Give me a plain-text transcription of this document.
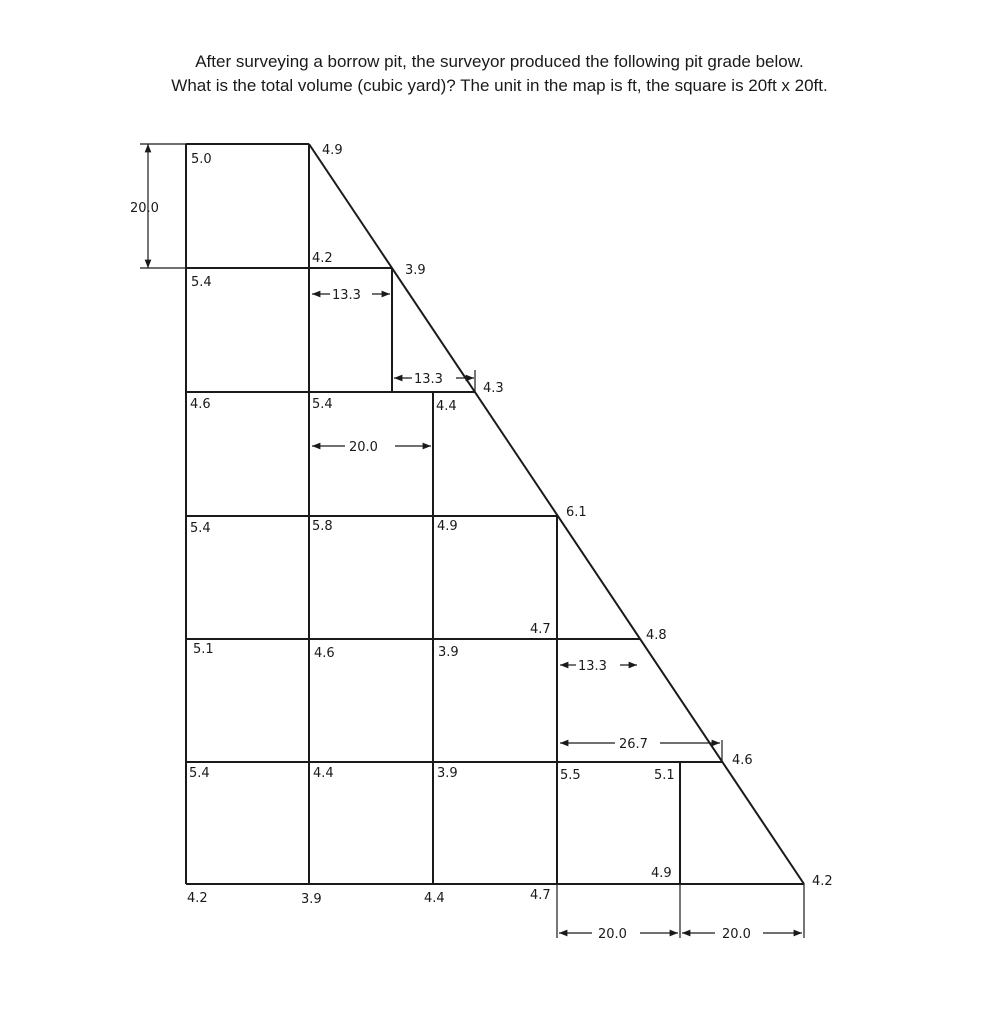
After surveying a borrow pit, the surveyor produced the following pit grade below.
What is the total volume (cubic yard)? The unit in the map is ft, the square is 20ft x 20ft.
5.0
4.9
4.2
3.9
5.4
4.3
4.4
4.6	5.4
6.1
5.4	5.8	4.9
4.7	4.8
5.1	4.6	3.9
4.6
5.4	4.4	3.9	5.5	5.1
4.9
4.2	3.9	4.4	4.7
4.2
20.0
13.3
13.3
20.0
13.3
26.7
20.0	20.0
